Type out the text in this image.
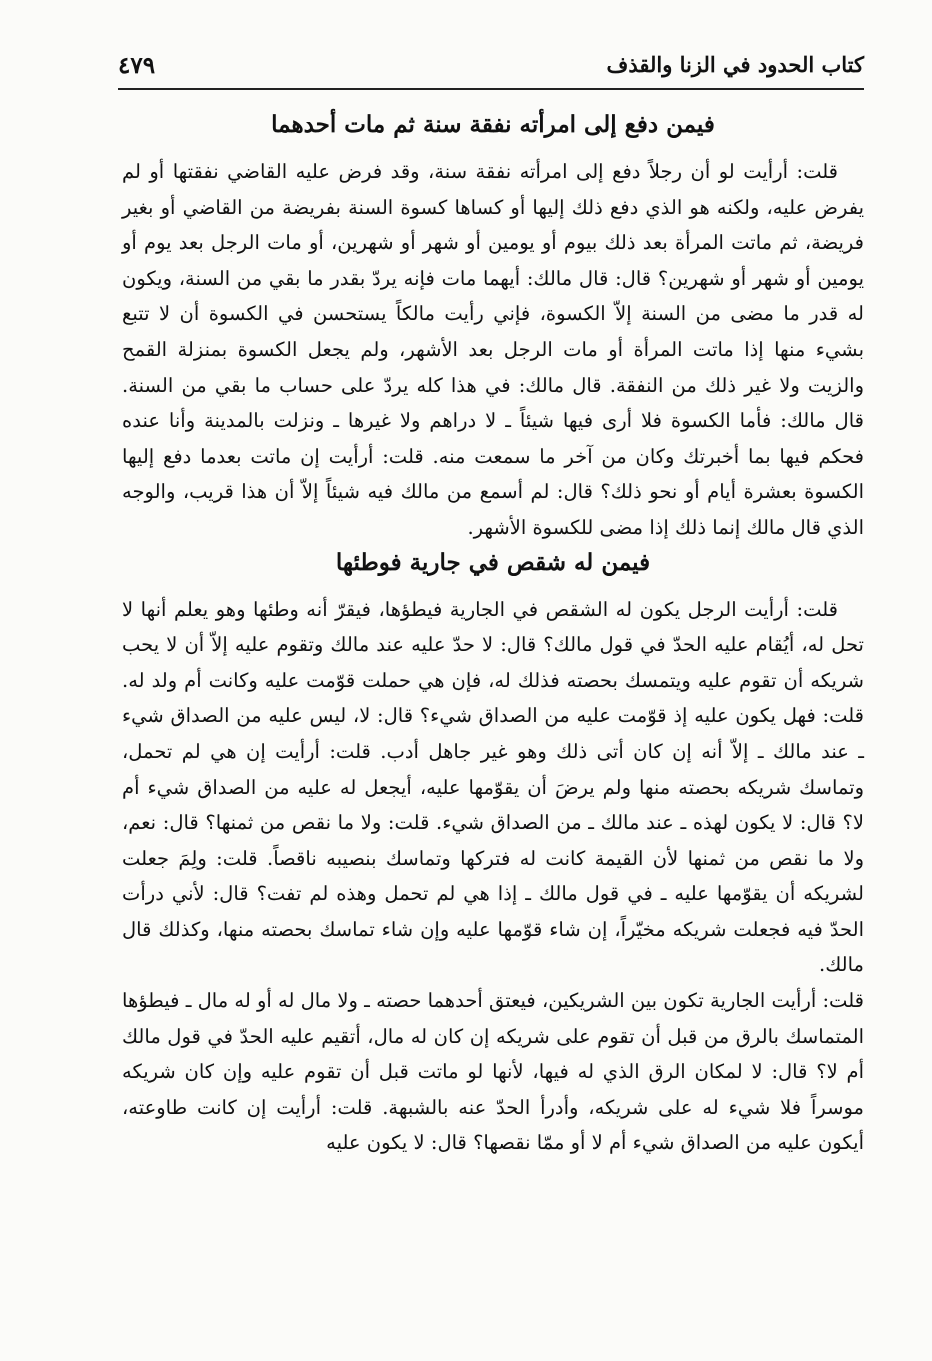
كتاب الحدود في الزنا والقذف
٤٧٩
فيمن دفع إلى امرأته نفقة سنة ثم مات أحدهما

قلت: أرأيت لو أن رجلاً دفع إلى امرأته نفقة سنة، وقد فرض عليه القاضي نفقتها أو لم يفرض عليه، ولكنه هو الذي دفع ذلك إليها أو كساها كسوة السنة بفريضة من القاضي أو بغير فريضة، ثم ماتت المرأة بعد ذلك بيوم أو يومين أو شهر أو شهرين، أو مات الرجل بعد يوم أو يومين أو شهر أو شهرين؟ قال: قال مالك: أيهما مات فإنه يردّ بقدر ما بقي من السنة، ويكون له قدر ما مضى من السنة إلاّ الكسوة، فإني رأيت مالكاً يستحسن في الكسوة أن لا تتبع بشيء منها إذا ماتت المرأة أو مات الرجل بعد الأشهر، ولم يجعل الكسوة بمنزلة القمح والزيت ولا غير ذلك من النفقة. قال مالك: في هذا كله يردّ على حساب ما بقي من السنة. قال مالك: فأما الكسوة فلا أرى فيها شيئاً ـ لا دراهم ولا غيرها ـ ونزلت بالمدينة وأنا عنده فحكم فيها بما أخبرتك وكان من آخر ما سمعت منه. قلت: أرأيت إن ماتت بعدما دفع إليها الكسوة بعشرة أيام أو نحو ذلك؟ قال: لم أسمع من مالك فيه شيئاً إلاّ أن هذا قريب، والوجه الذي قال مالك إنما ذلك إذا مضى للكسوة الأشهر.

فيمن له شقص في جارية فوطئها

قلت: أرأيت الرجل يكون له الشقص في الجارية فيطؤها، فيقرّ أنه وطئها وهو يعلم أنها لا تحل له، أيُقام عليه الحدّ في قول مالك؟ قال: لا حدّ عليه عند مالك وتقوم عليه إلاّ أن لا يحب شريكه أن تقوم عليه ويتمسك بحصته فذلك له، فإن هي حملت قوّمت عليه وكانت أم ولد له. قلت: فهل يكون عليه إذ قوّمت عليه من الصداق شيء؟ قال: لا، ليس عليه من الصداق شيء ـ عند مالك ـ إلاّ أنه إن كان أتى ذلك وهو غير جاهل أدب. قلت: أرأيت إن هي لم تحمل، وتماسك شريكه بحصته منها ولم يرضَ أن يقوّمها عليه، أيجعل له عليه من الصداق شيء أم لا؟ قال: لا يكون لهذه ـ عند مالك ـ من الصداق شيء. قلت: ولا ما نقص من ثمنها؟ قال: نعم، ولا ما نقص من ثمنها لأن القيمة كانت له فتركها وتماسك بنصيبه ناقصاً. قلت: ولِمَ جعلت لشريكه أن يقوّمها عليه ـ في قول مالك ـ إذا هي لم تحمل وهذه لم تفت؟ قال: لأني درأت الحدّ فيه فجعلت شريكه مخيّراً، إن شاء قوّمها عليه وإن شاء تماسك بحصته منها، وكذلك قال مالك.

قلت: أرأيت الجارية تكون بين الشريكين، فيعتق أحدهما حصته ـ ولا مال له أو له مال ـ فيطؤها المتماسك بالرق من قبل أن تقوم على شريكه إن كان له مال، أتقيم عليه الحدّ في قول مالك أم لا؟ قال: لا لمكان الرق الذي له فيها، لأنها لو ماتت قبل أن تقوم عليه وإن كان شريكه موسراً فلا شيء له على شريكه، وأدرأ الحدّ عنه بالشبهة. قلت: أرأيت إن كانت طاوعته، أيكون عليه من الصداق شيء أم لا أو ممّا نقصها؟ قال: لا يكون عليه
